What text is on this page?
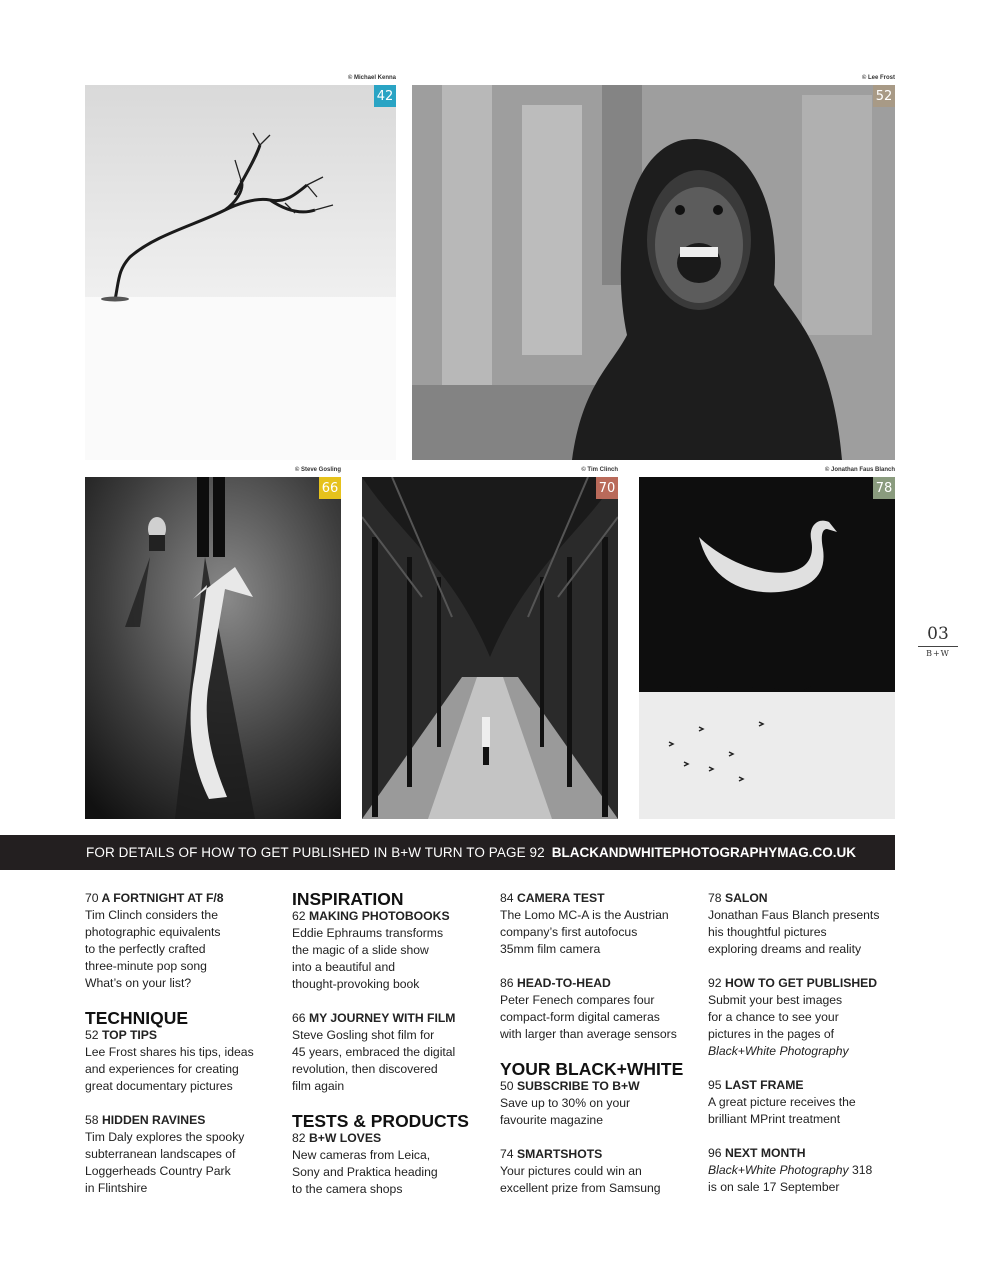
© Michael Kenna
42
© Lee Frost
52
© Steve Gosling
66
© Tim Clinch
70
© Jonathan Faus Blanch
78
03
B+W
FOR DETAILS OF HOW TO GET PUBLISHED IN B+W TURN TO PAGE 92 BLACKANDWHITEPHOTOGRAPHYMAG.CO.UK
70 A FORTNIGHT AT F/8
Tim Clinch considers the
photographic equivalents
to the perfectly crafted
three-minute pop song
What’s on your list?
TECHNIQUE
52 TOP TIPS
Lee Frost shares his tips, ideas
and experiences for creating
great documentary pictures
58 HIDDEN RAVINES
Tim Daly explores the spooky
subterranean landscapes of
Loggerheads Country Park
in Flintshire
INSPIRATION
62 MAKING PHOTOBOOKS
Eddie Ephraums transforms
the magic of a slide show
into a beautiful and
thought-provoking book
66 MY JOURNEY WITH FILM
Steve Gosling shot film for
45 years, embraced the digital
revolution, then discovered
film again
TESTS & PRODUCTS
82 B+W LOVES
New cameras from Leica,
Sony and Praktica heading
to the camera shops
84 CAMERA TEST
The Lomo MC-A is the Austrian
company’s first autofocus
35mm film camera
86 HEAD-TO-HEAD
Peter Fenech compares four
compact-form digital cameras
with larger than average sensors
YOUR BLACK+WHITE
50 SUBSCRIBE TO B+W
Save up to 30% on your
favourite magazine
74 SMARTSHOTS
Your pictures could win an
excellent prize from Samsung
78 SALON
Jonathan Faus Blanch presents
his thoughtful pictures
exploring dreams and reality
92 HOW TO GET PUBLISHED
Submit your best images
for a chance to see your
pictures in the pages of
Black+White Photography
95 LAST FRAME
A great picture receives the
brilliant MPrint treatment
96 NEXT MONTH
Black+White Photography 318
is on sale 17 September
